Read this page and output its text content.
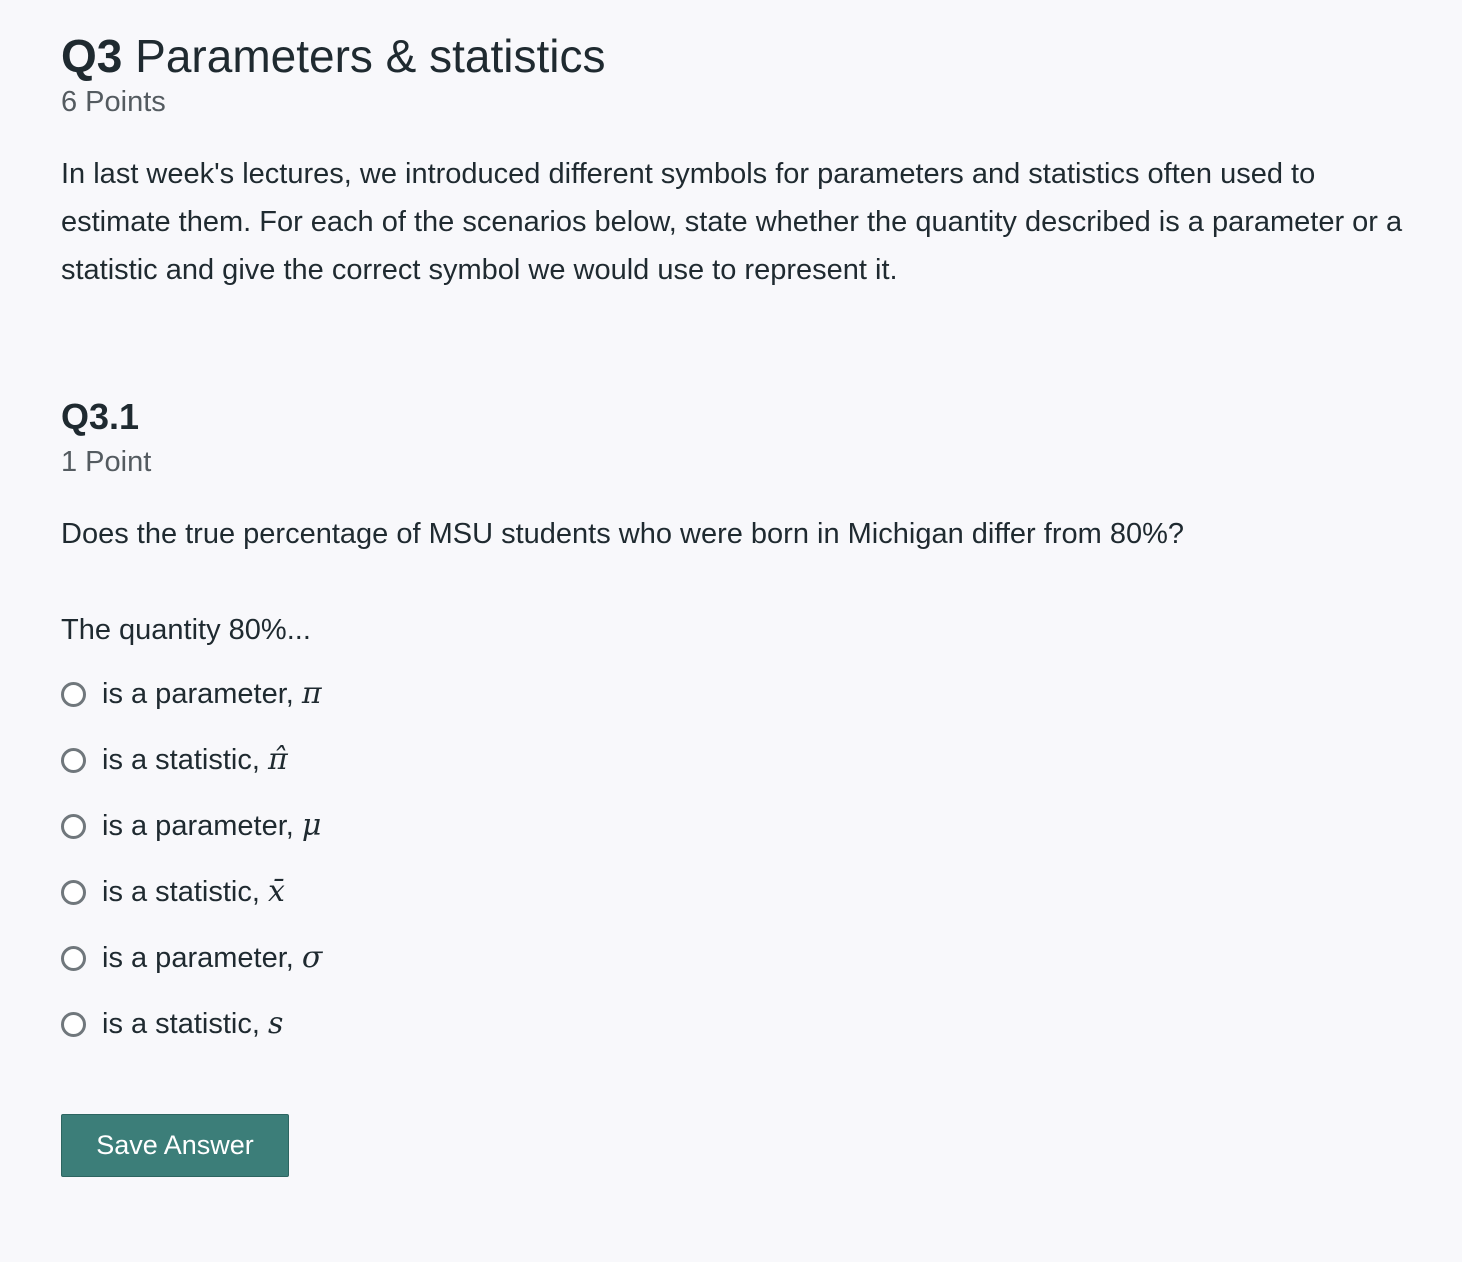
Q3 Parameters & statistics
6 Points

In last week's lectures, we introduced different symbols for parameters and statistics often used to estimate them. For each of the scenarios below, state whether the quantity described is a parameter or a statistic and give the correct symbol we would use to represent it.

Q3.1
1 Point
Does the true percentage of MSU students who were born in Michigan differ from 80%?
The quantity 80%...
is a parameter, π
is a statistic, π̂
is a parameter, μ
is a statistic, x̄
is a parameter, σ
is a statistic, s
Save Answer
